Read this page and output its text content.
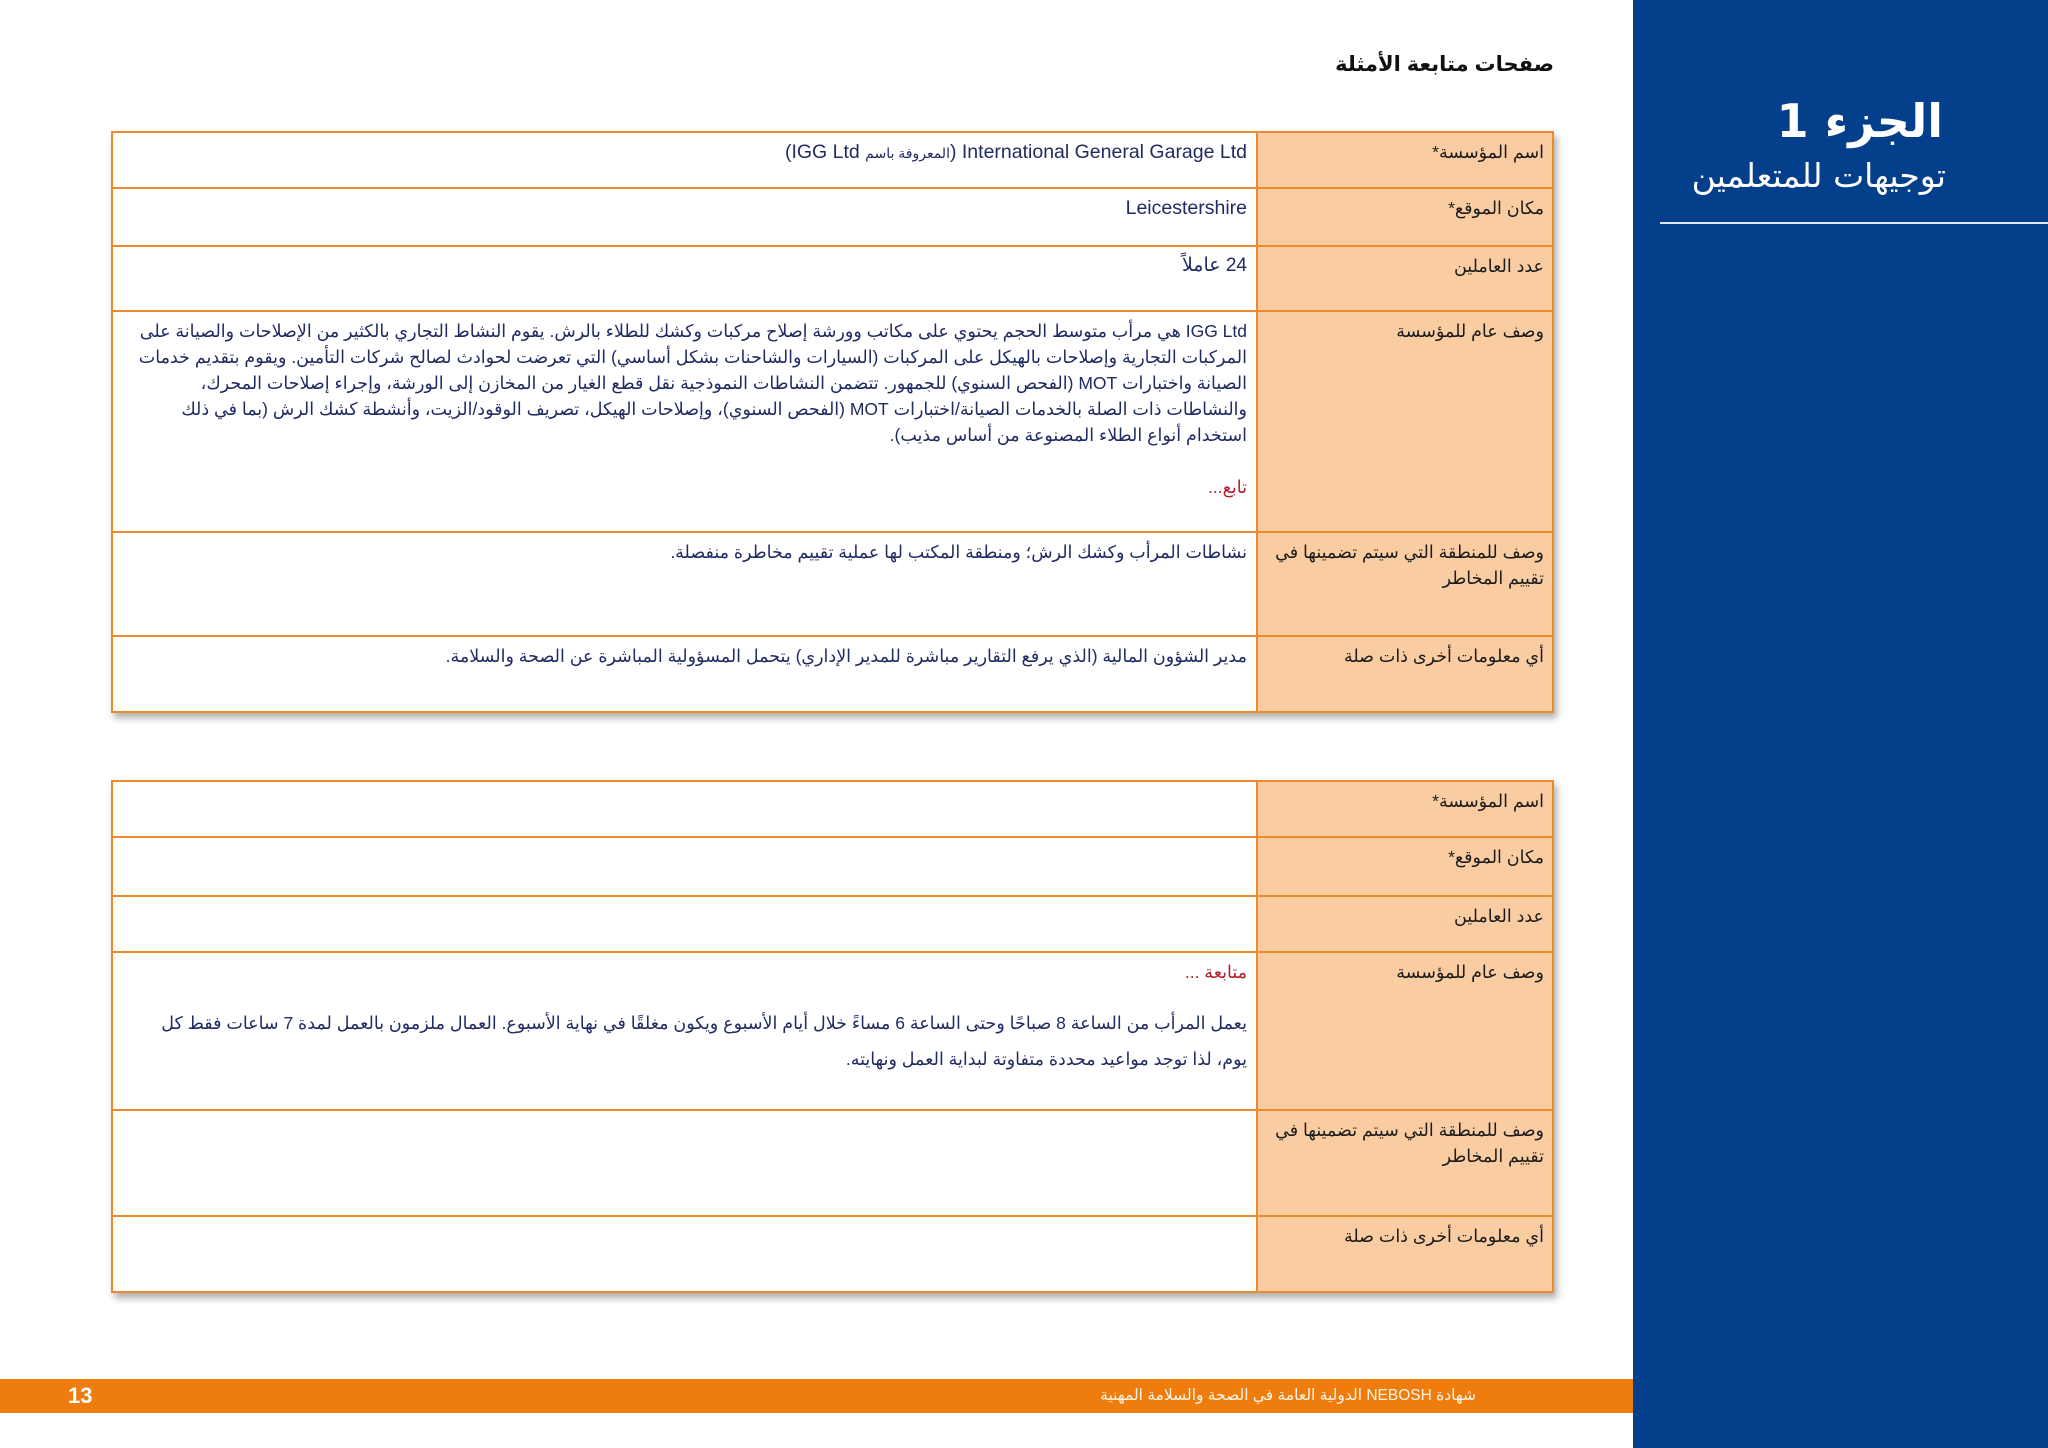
الجزء 1
توجيهات للمتعلمين
صفحات متابعة الأمثلة
اسم المؤسسة*
International General Garage Ltd (المعروفة باسم IGG Ltd)
مكان الموقع*
Leicestershire
عدد العاملين
24 عاملاً
وصف عام للمؤسسة
IGG Ltd هي مرأب متوسط الحجم يحتوي على مكاتب وورشة إصلاح مركبات وكشك للطلاء بالرش. يقوم النشاط التجاري بالكثير من الإصلاحات والصيانة على المركبات التجارية وإصلاحات بالهيكل على المركبات (السيارات والشاحنات بشكل أساسي) التي تعرضت لحوادث لصالح شركات التأمين. ويقوم بتقديم خدمات الصيانة واختبارات MOT (الفحص السنوي) للجمهور. تتضمن النشاطات النموذجية نقل قطع الغيار من المخازن إلى الورشة، وإجراء إصلاحات المحرك، والنشاطات ذات الصلة بالخدمات الصيانة/اختبارات MOT (الفحص السنوي)، وإصلاحات الهيكل، تصريف الوقود/الزيت، وأنشطة كشك الرش (بما في ذلك استخدام أنواع الطلاء المصنوعة من أساس مذيب).
تابع...
وصف للمنطقة التي سيتم تضمينها في تقييم المخاطر
نشاطات المرأب وكشك الرش؛ ومنطقة المكتب لها عملية تقييم مخاطرة منفصلة.
أي معلومات أخرى ذات صلة
مدير الشؤون المالية (الذي يرفع التقارير مباشرة للمدير الإداري) يتحمل المسؤولية المباشرة عن الصحة والسلامة.
اسم المؤسسة*
مكان الموقع*
عدد العاملين
وصف عام للمؤسسة
متابعة ...
يعمل المرأب من الساعة 8 صباحًا وحتى الساعة 6 مساءً خلال أيام الأسبوع ويكون مغلقًا في نهاية الأسبوع. العمال ملزمون بالعمل لمدة 7 ساعات فقط كل يوم، لذا توجد مواعيد محددة متفاوتة لبداية العمل ونهايته.
وصف للمنطقة التي سيتم تضمينها في تقييم المخاطر
أي معلومات أخرى ذات صلة
13	شهادة NEBOSH الدولية العامة في الصحة والسلامة المهنية
